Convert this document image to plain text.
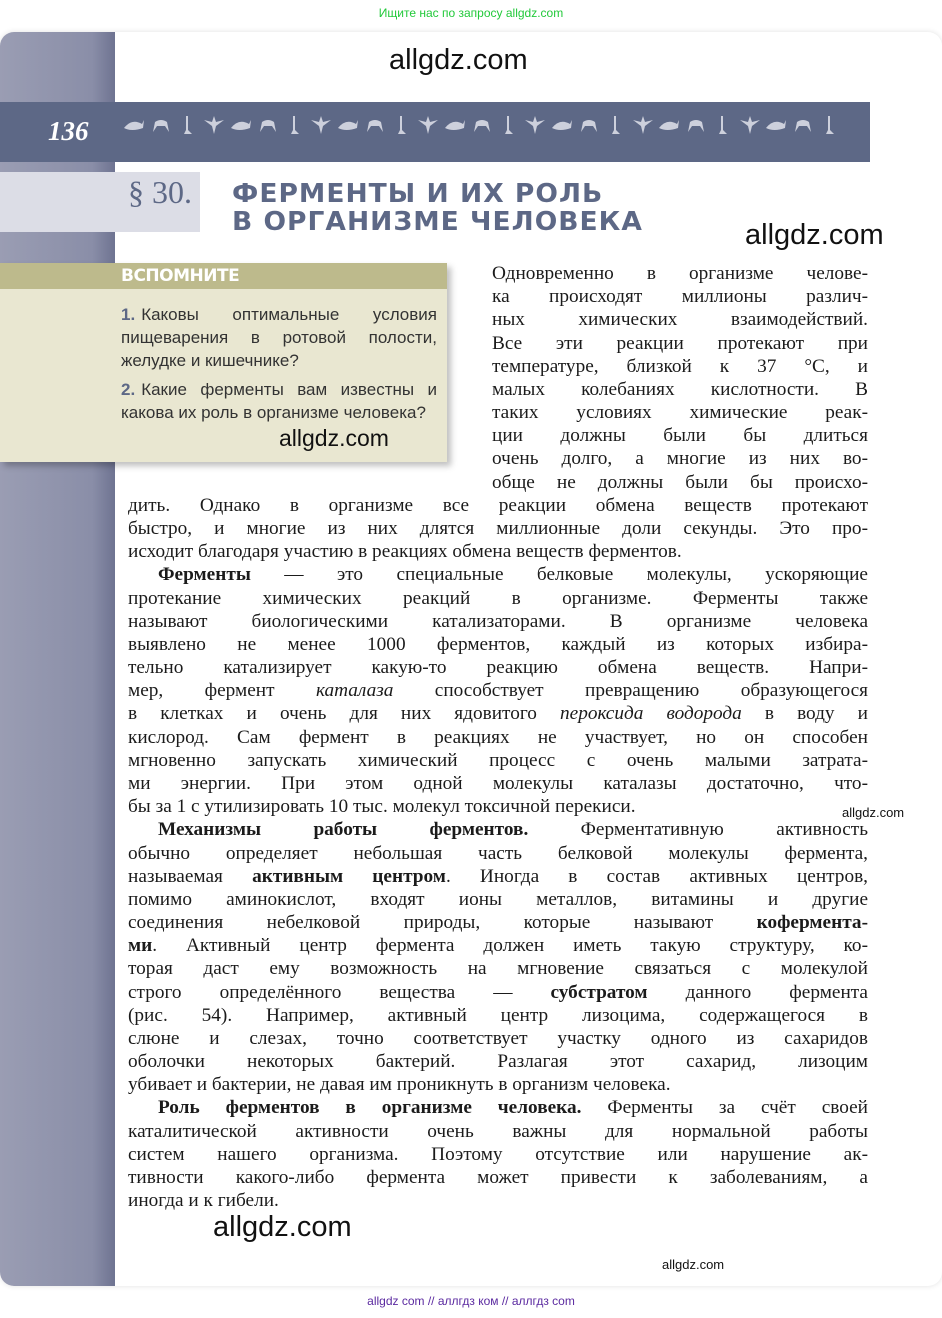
Ищите нас по запросу allgdz.com
136
§ 30. ФЕРМЕНТЫ И ИХ РОЛЬ
В ОРГАНИЗМЕ ЧЕЛОВЕКА
ВСПОМНИТЕ
1. Каковы оптимальные условия пищеварения в ротовой полости, желудке и кишечнике?
2. Какие ферменты вам известны и какова их роль в организме человека?
Одновременно в организме челове-
ка происходят миллионы различ-
ных химических взаимодействий.
Все эти реакции протекают при
температуре, близкой к 37 °С, и
малых колебаниях кислотности. В
таких условиях химические реак-
ции должны были бы длиться
очень долго, а многие из них во-
обще не должны были бы происхо-
дить. Однако в организме все реакции обмена веществ протекают
быстро, и многие из них длятся миллионные доли секунды. Это про-
исходит благодаря участию в реакциях обмена веществ ферментов.
Ферменты — это специальные белковые молекулы, ускоряющие
протекание химических реакций в организме. Ферменты также
называют биологическими катализаторами. В организме человека
выявлено не менее 1000 ферментов, каждый из которых избира-
тельно катализирует какую-то реакцию обмена веществ. Напри-
мер, фермент каталаза способствует превращению образующегося
в клетках и очень для них ядовитого пероксида водорода в воду и
кислород. Сам фермент в реакциях не участвует, но он способен
мгновенно запускать химический процесс с очень малыми затрата-
ми энергии. При этом одной молекулы каталазы достаточно, что-
бы за 1 с утилизировать 10 тыс. молекул токсичной перекиси.
Механизмы работы ферментов. Ферментативную активность
обычно определяет небольшая часть белковой молекулы фермента,
называемая активным центром. Иногда в состав активных центров,
помимо аминокислот, входят ионы металлов, витамины и другие
соединения небелковой природы, которые называют кофермента-
ми. Активный центр фермента должен иметь такую структуру, ко-
торая даст ему возможность на мгновение связаться с молекулой
строго определённого вещества — субстратом данного фермента
(рис. 54). Например, активный центр лизоцима, содержащегося в
слюне и слезах, точно соответствует участку одного из сахаридов
оболочки некоторых бактерий. Разлагая этот сахарид, лизоцим
убивает и бактерии, не давая им проникнуть в организм человека.
Роль ферментов в организме человека. Ферменты за счёт своей
каталитической активности очень важны для нормальной работы
систем нашего организма. Поэтому отсутствие или нарушение ак-
тивности какого-либо фермента может привести к заболеваниям, а
иногда и к гибели.
allgdz.com
allgdz.com
allgdz.com
allgdz.com
allgdz.com
allgdz.com
allgdz com // аллгдз ком // аллгдз com
